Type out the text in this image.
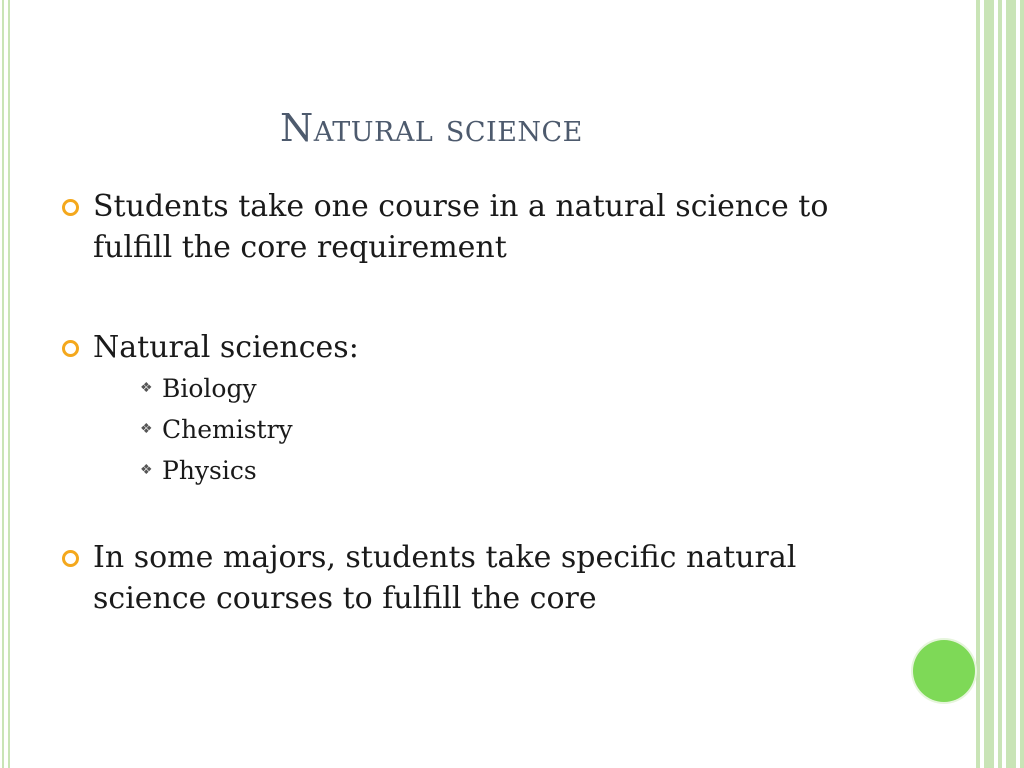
Natural science
Students take one course in a natural science to fulfill the core requirement
Natural sciences:
❖ Biology
❖ Chemistry
❖ Physics
In some majors, students take specific natural science courses to fulfill the core
